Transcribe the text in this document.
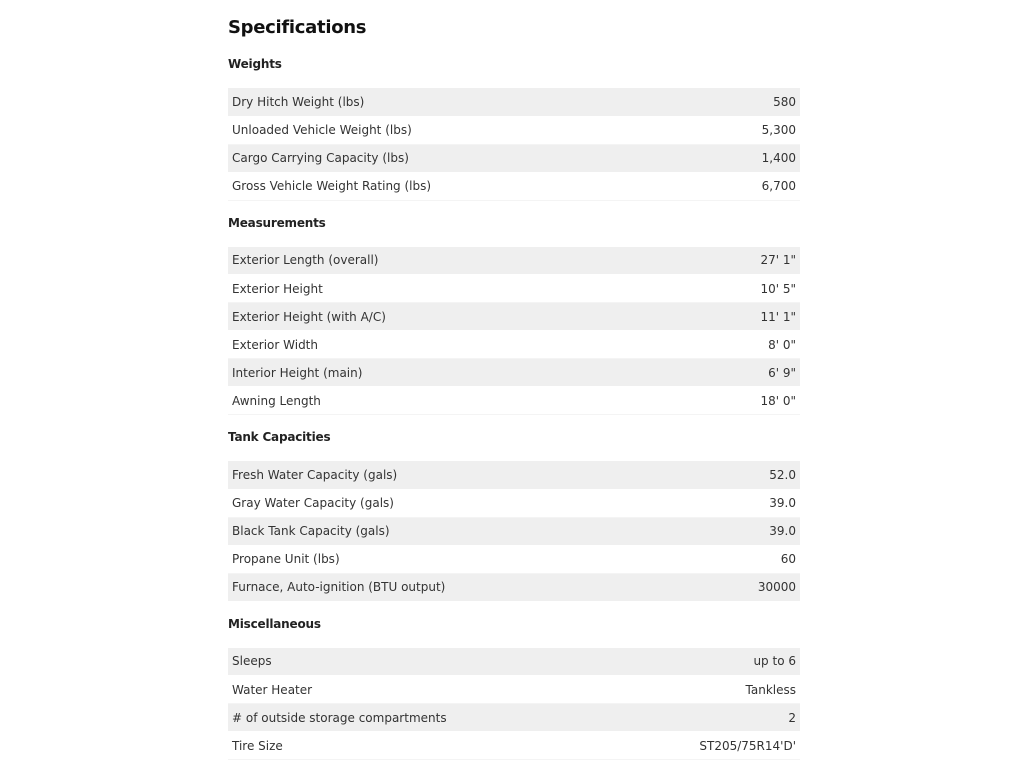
Specifications
Weights
Dry Hitch Weight (lbs)	580
Unloaded Vehicle Weight (lbs)	5,300
Cargo Carrying Capacity (lbs)	1,400
Gross Vehicle Weight Rating (lbs)	6,700
Measurements
Exterior Length (overall)	27' 1"
Exterior Height	10' 5"
Exterior Height (with A/C)	11' 1"
Exterior Width	8' 0"
Interior Height (main)	6' 9"
Awning Length	18' 0"
Tank Capacities
Fresh Water Capacity (gals)	52.0
Gray Water Capacity (gals)	39.0
Black Tank Capacity (gals)	39.0
Propane Unit (lbs)	60
Furnace, Auto-ignition (BTU output)	30000
Miscellaneous
Sleeps	up to 6
Water Heater	Tankless
# of outside storage compartments	2
Tire Size	ST205/75R14'D'
